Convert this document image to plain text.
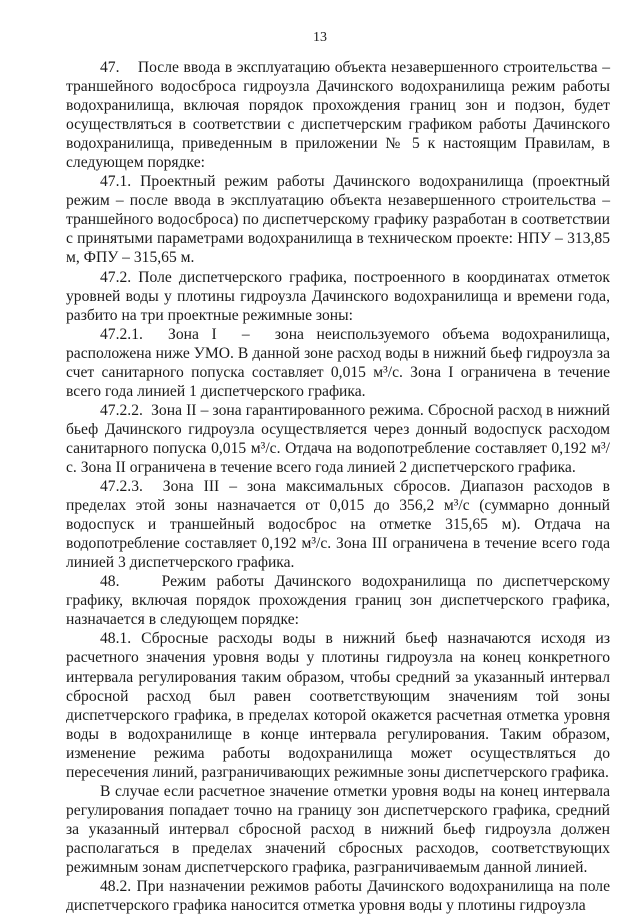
13

47.    После ввода в эксплуатацию объекта незавершенного строительства – траншейного водосброса гидроузла Дачинского водохранилища режим работы водохранилища, включая порядок прохождения границ зон и подзон, будет осуществляться в соответствии с диспетчерским графиком работы Дачинского водохранилища, приведенным в приложении № 5 к настоящим Правилам, в следующем порядке:

47.1. Проектный режим работы Дачинского водохранилища (проектный режим – после ввода в эксплуатацию объекта незавершенного строительства – траншейного водосброса) по диспетчерскому графику разработан в соответствии с принятыми параметрами водохранилища в техническом проекте: НПУ – 313,85 м, ФПУ – 315,65 м.

47.2. Поле диспетчерского графика, построенного в координатах отметок уровней воды у плотины гидроузла Дачинского водохранилища и времени года, разбито на три проектные режимные зоны:

47.2.1.  Зона I  –  зона неиспользуемого объема водохранилища, расположена ниже УМО. В данной зоне расход воды в нижний бьеф гидроузла за счет санитарного попуска составляет 0,015 м³/с. Зона I ограничена в течение всего года линией 1 диспетчерского графика.

47.2.2.  Зона II – зона гарантированного режима. Сбросной расход в нижний бьеф Дачинского гидроузла осуществляется через донный водоспуск расходом санитарного попуска 0,015 м³/с. Отдача на водопотребление составляет 0,192 м³/с. Зона II ограничена в течение всего года линией 2 диспетчерского графика.

47.2.3.  Зона III – зона максимальных сбросов. Диапазон расходов в пределах этой зоны назначается от 0,015 до 356,2 м³/с (суммарно донный водоспуск и траншейный водосброс на отметке 315,65 м). Отдача на водопотребление составляет 0,192 м³/с. Зона III ограничена в течение всего года линией 3 диспетчерского графика.

48.    Режим работы Дачинского водохранилища по диспетчерскому графику, включая порядок прохождения границ зон диспетчерского графика, назначается в следующем порядке:

48.1. Сбросные расходы воды в нижний бьеф назначаются исходя из расчетного значения уровня воды у плотины гидроузла на конец конкретного интервала регулирования таким образом, чтобы средний за указанный интервал сбросной расход был равен соответствующим значениям той зоны диспетчерского графика, в пределах которой окажется расчетная отметка уровня воды в водохранилище в конце интервала регулирования. Таким образом, изменение режима работы водохранилища может осуществляться до пересечения линий, разграничивающих режимные зоны диспетчерского графика.

В случае если расчетное значение отметки уровня воды на конец интервала регулирования попадает точно на границу зон диспетчерского графика, средний за указанный интервал сбросной расход в нижний бьеф гидроузла должен располагаться в пределах значений сбросных расходов, соответствующих режимным зонам диспетчерского графика, разграничиваемым данной линией.

48.2. При назначении режимов работы Дачинского водохранилища на поле диспетчерского графика наносится отметка уровня воды у плотины гидроузла
